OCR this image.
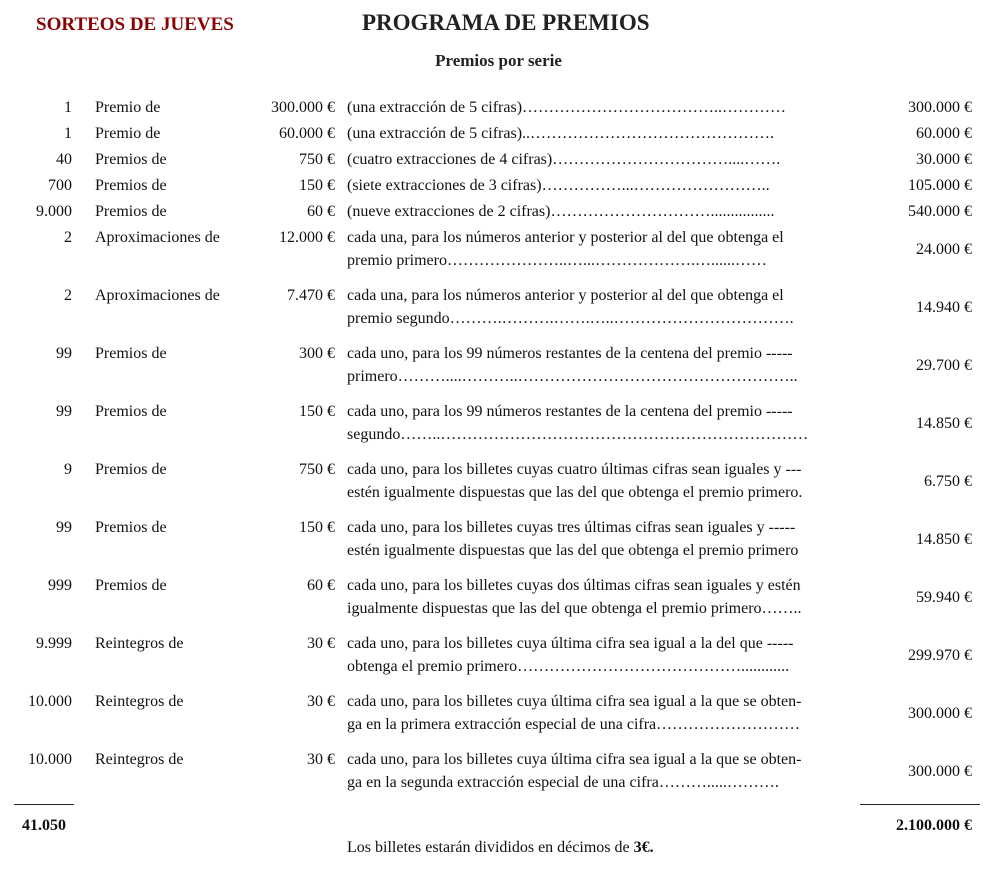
SORTEOS DE JUEVES	PROGRAMA DE PREMIOS
Premios por serie
1 Premio de	300.000 € (una extracción de 5 cifras)………………………………..…………	300.000 €
1 Premio de	60.000 € (una extracción de 5 cifras)..……………………………………….	60.000 €
40 Premios de	750 € (cuatro extracciones de 4 cifras)……………………………....…….	30.000 €
700 Premios de	150 € (siete extracciones de 3 cifras)……………...……………………..	105.000 €
9.000 Premios de	60 € (nueve extracciones de 2 cifras)…………………………................	540.000 €
2 Aproximaciones de	12.000 € cada una, para los números anterior y posterior al del que obtenga el
premio primero…………………..…...……………….…......……
24.000 €
2 Aproximaciones de	7.470 € cada una, para los números anterior y posterior al del que obtenga el
premio segundo……….……….…….…..…………………………….
14.940 €
99 Premios de	300 € cada uno, para los 99 números restantes de la centena del premio -----
primero………....………..……………………………………………..
29.700 €
99 Premios de	150 € cada uno, para los 99 números restantes de la centena del premio -----
segundo……..……………………………………………………………
14.850 €
9 Premios de	750 € cada uno, para los billetes cuyas cuatro últimas cifras sean iguales y ---
estén igualmente dispuestas que las del que obtenga el premio primero.
6.750 €
99 Premios de	150 € cada uno, para los billetes cuyas tres últimas cifras sean iguales y -----
estén igualmente dispuestas que las del que obtenga el premio primero
14.850 €
999 Premios de	60 € cada uno, para los billetes cuyas dos últimas cifras sean iguales y estén
igualmente dispuestas que las del que obtenga el premio primero……..
59.940 €
9.999 Reintegros de	30 € cada uno, para los billetes cuya última cifra sea igual a la del que -----
obtenga el premio primero……………………………………............
299.970 €
10.000 Reintegros de	30 € cada uno, para los billetes cuya última cifra sea igual a la que se obten-
ga en la primera extracción especial de una cifra………………………
300.000 €
10.000 Reintegros de	30 € cada uno, para los billetes cuya última cifra sea igual a la que se obten-
ga en la segunda extracción especial de una cifra……….....……….
300.000 €
41.050	2.100.000 €
Los billetes estarán divididos en décimos de 3€.
